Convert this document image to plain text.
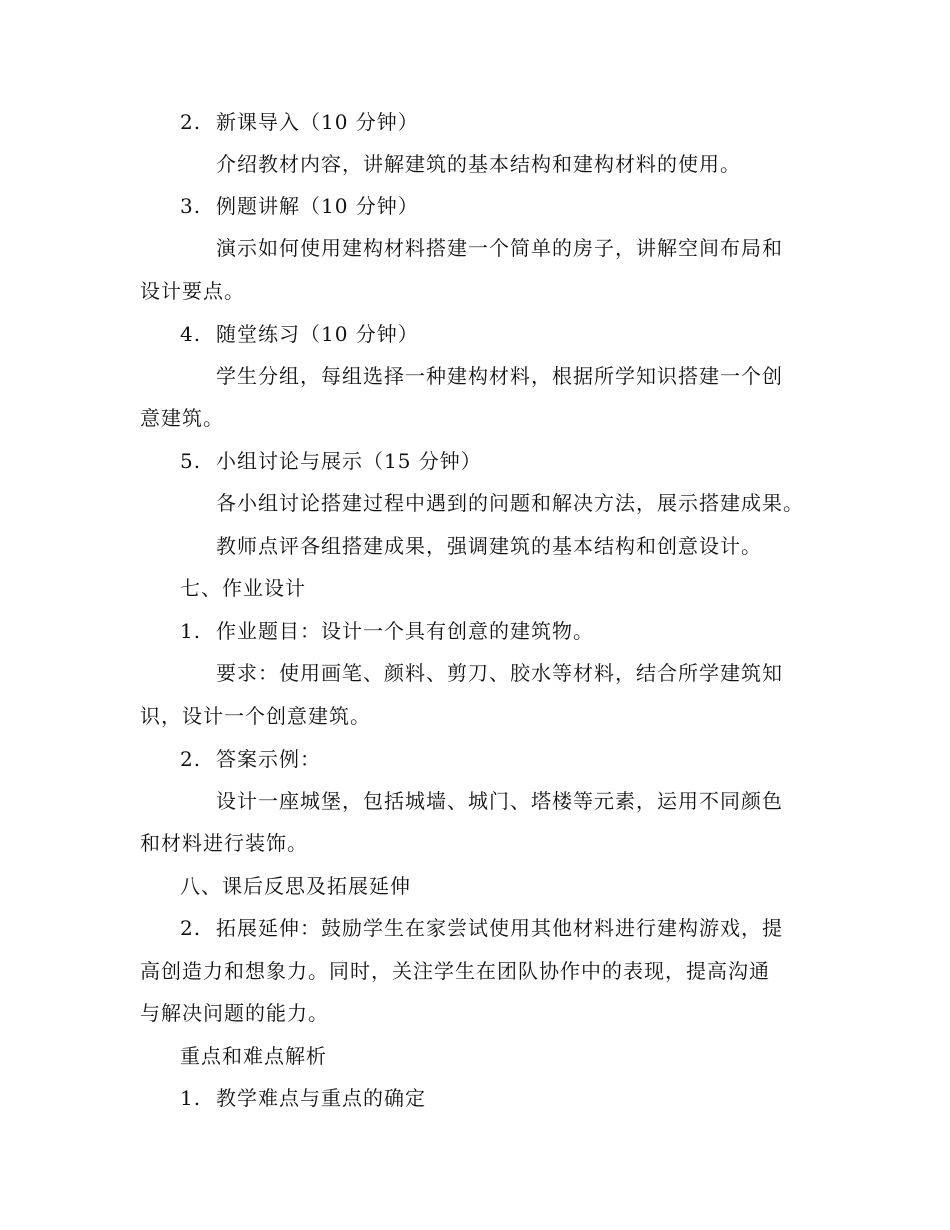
2. 新课导入（10 分钟）
介绍教材内容，讲解建筑的基本结构和建构材料的使用。
3. 例题讲解（10 分钟）
演示如何使用建构材料搭建一个简单的房子，讲解空间布局和
设计要点。
4. 随堂练习（10 分钟）
学生分组，每组选择一种建构材料，根据所学知识搭建一个创
意建筑。
5. 小组讨论与展示（15 分钟）
各小组讨论搭建过程中遇到的问题和解决方法，展示搭建成果。
教师点评各组搭建成果，强调建筑的基本结构和创意设计。
七、作业设计
1. 作业题目：设计一个具有创意的建筑物。
要求：使用画笔、颜料、剪刀、胶水等材料，结合所学建筑知
识，设计一个创意建筑。
2. 答案示例：
设计一座城堡，包括城墙、城门、塔楼等元素，运用不同颜色
和材料进行装饰。
八、课后反思及拓展延伸
2. 拓展延伸：鼓励学生在家尝试使用其他材料进行建构游戏，提
高创造力和想象力。同时，关注学生在团队协作中的表现，提高沟通
与解决问题的能力。
重点和难点解析
1. 教学难点与重点的确定
